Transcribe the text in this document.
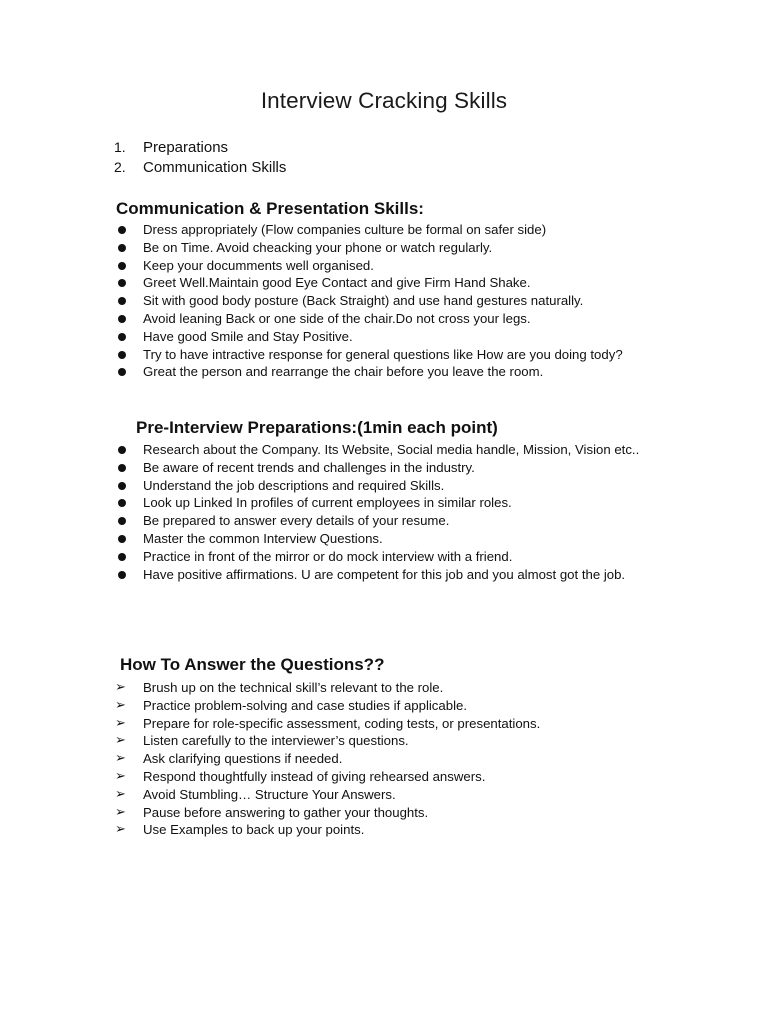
Interview Cracking Skills
1.	Preparations
2.	Communication Skills
Communication & Presentation Skills:
Dress appropriately (Flow companies culture be formal on safer side)
Be on Time. Avoid cheacking your phone or watch regularly.
Keep your documments well organised.
Greet Well.Maintain good Eye Contact and give Firm Hand Shake.
Sit with good body posture (Back Straight) and use hand gestures naturally.
Avoid leaning Back or one side of the chair.Do not cross your legs.
Have good Smile and Stay Positive.
Try to have intractive response for general questions like How are you doing tody?
Great the person and rearrange the chair before you leave the room.
Pre-Interview Preparations:(1min each point)
Research about the Company. Its Website, Social media handle, Mission, Vision etc..
Be aware of recent trends and challenges in the industry.
Understand the job descriptions and required Skills.
Look up Linked In profiles of current employees in similar roles.
Be prepared to answer every details of your resume.
Master the common Interview Questions.
Practice in front of the mirror or do mock interview with a friend.
Have positive affirmations. U are competent for this job and you almost got the job.
How To Answer the Questions??
➢ Brush up on the technical skill’s relevant to the role.
➢ Practice problem-solving and case studies if applicable.
➢ Prepare for role-specific assessment, coding tests, or presentations.
➢ Listen carefully to the interviewer’s questions.
➢ Ask clarifying questions if needed.
➢ Respond thoughtfully instead of giving rehearsed answers.
➢ Avoid Stumbling… Structure Your Answers.
➢ Pause before answering to gather your thoughts.
➢ Use Examples to back up your points.
